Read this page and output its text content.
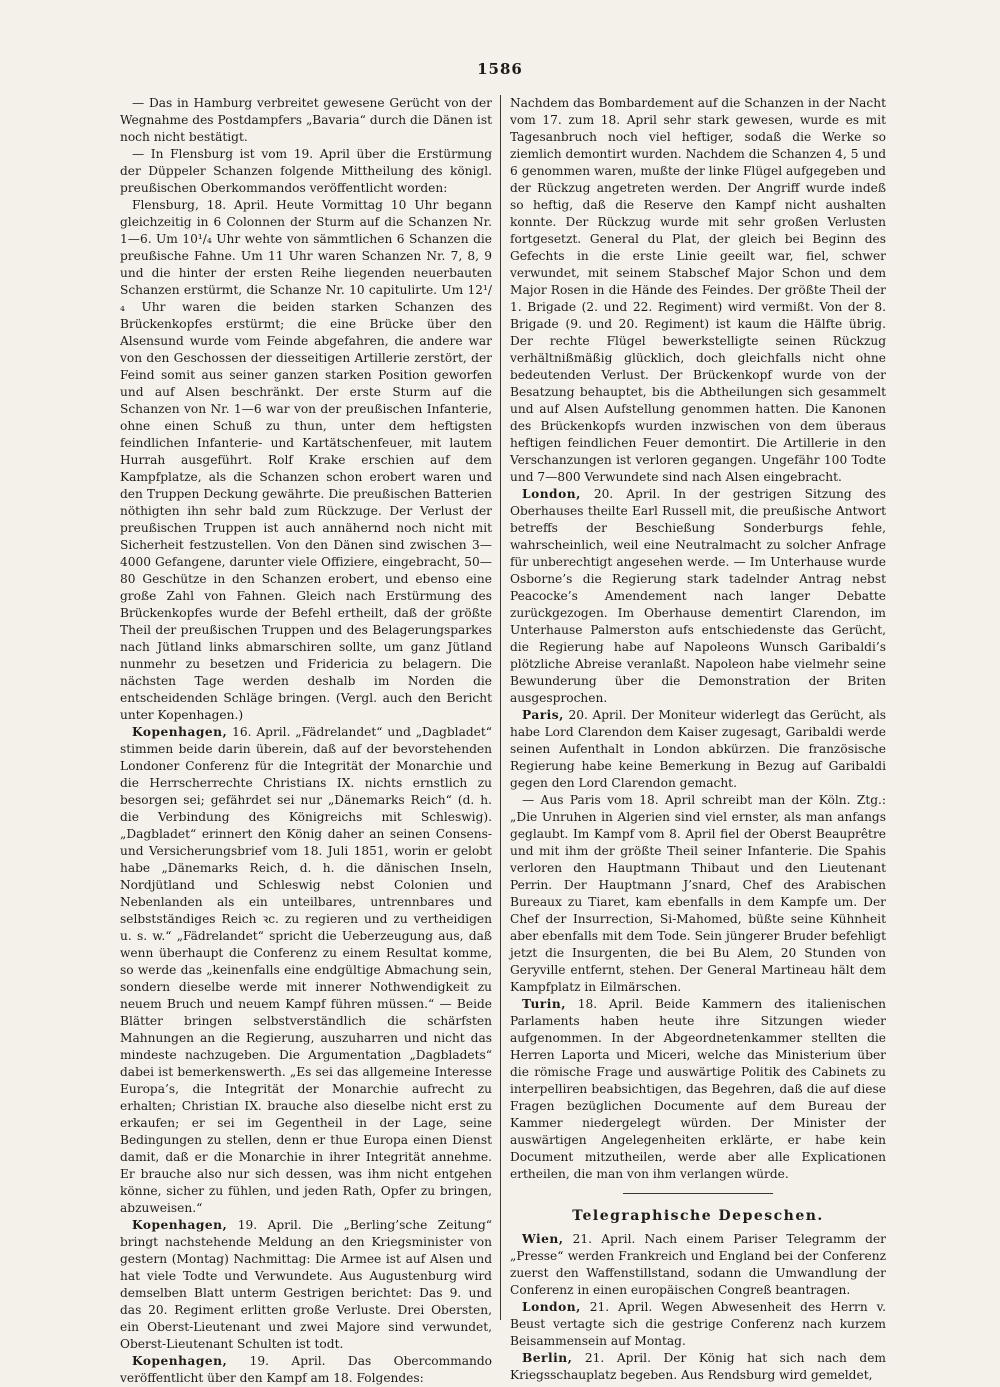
1586

— Das in Hamburg verbreitet gewesene Gerücht von der Wegnahme des Postdampfers „Bavaria“ durch die Dänen ist noch nicht bestätigt.

— In Flensburg ist vom 19. April über die Erstürmung der Düppeler Schanzen folgende Mittheilung des königl. preußischen Oberkommandos veröffentlicht worden:

Flensburg, 18. April. Heute Vormittag 10 Uhr begann gleichzeitig in 6 Colonnen der Sturm auf die Schanzen Nr. 1—6. Um 10¹/₄ Uhr wehte von sämmtlichen 6 Schanzen die preußische Fahne. Um 11 Uhr waren Schanzen Nr. 7, 8, 9 und die hinter der ersten Reihe liegenden neuerbauten Schanzen erstürmt, die Schanze Nr. 10 capitulirte. Um 12¹/₄ Uhr waren die beiden starken Schanzen des Brückenkopfes erstürmt; die eine Brücke über den Alsensund wurde vom Feinde abgefahren, die andere war von den Geschossen der diesseitigen Artillerie zerstört, der Feind somit aus seiner ganzen starken Position geworfen und auf Alsen beschränkt. Der erste Sturm auf die Schanzen von Nr. 1—6 war von der preußischen Infanterie, ohne einen Schuß zu thun, unter dem heftigsten feindlichen Infanterie- und Kartätschenfeuer, mit lautem Hurrah ausgeführt. Rolf Krake erschien auf dem Kampfplatze, als die Schanzen schon erobert waren und den Truppen Deckung gewährte. Die preußischen Batterien nöthigten ihn sehr bald zum Rückzuge. Der Verlust der preußischen Truppen ist auch annähernd noch nicht mit Sicherheit festzustellen. Von den Dänen sind zwischen 3—4000 Gefangene, darunter viele Offiziere, eingebracht, 50—80 Geschütze in den Schanzen erobert, und ebenso eine große Zahl von Fahnen. Gleich nach Erstürmung des Brückenkopfes wurde der Befehl ertheilt, daß der größte Theil der preußischen Truppen und des Belagerungsparkes nach Jütland links abmarschiren sollte, um ganz Jütland nunmehr zu besetzen und Fridericia zu belagern. Die nächsten Tage werden deshalb im Norden die entscheidenden Schläge bringen. (Vergl. auch den Bericht unter Kopenhagen.)

Kopenhagen, 16. April. „Fädrelandet“ und „Dagbladet“ stimmen beide darin überein, daß auf der bevorstehenden Londoner Conferenz für die Integrität der Monarchie und die Herrscherrechte Christians IX. nichts ernstlich zu besorgen sei; gefährdet sei nur „Dänemarks Reich“ (d. h. die Verbindung des Königreichs mit Schleswig). „Dagbladet“ erinnert den König daher an seinen Consens- und Versicherungsbrief vom 18. Juli 1851, worin er gelobt habe „Dänemarks Reich, d. h. die dänischen Inseln, Nordjütland und Schleswig nebst Colonien und Nebenlanden als ein unteilbares, untrennbares und selbstständiges Reich ꝛc. zu regieren und zu vertheidigen u. s. w.“ „Fädrelandet“ spricht die Ueberzeugung aus, daß wenn überhaupt die Conferenz zu einem Resultat komme, so werde das „keinenfalls eine endgültige Abmachung sein, sondern dieselbe werde mit innerer Nothwendigkeit zu neuem Bruch und neuem Kampf führen müssen.“ — Beide Blätter bringen selbstverständlich die schärfsten Mahnungen an die Regierung, auszuharren und nicht das mindeste nachzugeben. Die Argumentation „Dagbladets“ dabei ist bemerkenswerth. „Es sei das allgemeine Interesse Europa’s, die Integrität der Monarchie aufrecht zu erhalten; Christian IX. brauche also dieselbe nicht erst zu erkaufen; er sei im Gegentheil in der Lage, seine Bedingungen zu stellen, denn er thue Europa einen Dienst damit, daß er die Monarchie in ihrer Integrität annehme. Er brauche also nur sich dessen, was ihm nicht entgehen könne, sicher zu fühlen, und jeden Rath, Opfer zu bringen, abzuweisen.“

Kopenhagen, 19. April. Die „Berling’sche Zeitung“ bringt nachstehende Meldung an den Kriegsminister von gestern (Montag) Nachmittag: Die Armee ist auf Alsen und hat viele Todte und Verwundete. Aus Augustenburg wird demselben Blatt unterm Gestrigen berichtet: Das 9. und das 20. Regiment erlitten große Verluste. Drei Obersten, ein Oberst-Lieutenant und zwei Majore sind verwundet, Oberst-Lieutenant Schulten ist todt.

Kopenhagen, 19. April. Das Obercommando veröffentlicht über den Kampf am 18. Folgendes:

Nachdem das Bombardement auf die Schanzen in der Nacht vom 17. zum 18. April sehr stark gewesen, wurde es mit Tagesanbruch noch viel heftiger, sodaß die Werke so ziemlich demontirt wurden. Nachdem die Schanzen 4, 5 und 6 genommen waren, mußte der linke Flügel aufgegeben und der Rückzug angetreten werden. Der Angriff wurde indeß so heftig, daß die Reserve den Kampf nicht aushalten konnte. Der Rückzug wurde mit sehr großen Verlusten fortgesetzt. General du Plat, der gleich bei Beginn des Gefechts in die erste Linie geeilt war, fiel, schwer verwundet, mit seinem Stabschef Major Schon und dem Major Rosen in die Hände des Feindes. Der größte Theil der 1. Brigade (2. und 22. Regiment) wird vermißt. Von der 8. Brigade (9. und 20. Regiment) ist kaum die Hälfte übrig. Der rechte Flügel bewerkstelligte seinen Rückzug verhältnißmäßig glücklich, doch gleichfalls nicht ohne bedeutenden Verlust. Der Brückenkopf wurde von der Besatzung behauptet, bis die Abtheilungen sich gesammelt und auf Alsen Aufstellung genommen hatten. Die Kanonen des Brückenkopfs wurden inzwischen von dem überaus heftigen feindlichen Feuer demontirt. Die Artillerie in den Verschanzungen ist verloren gegangen. Ungefähr 100 Todte und 7—800 Verwundete sind nach Alsen eingebracht.

London, 20. April. In der gestrigen Sitzung des Oberhauses theilte Earl Russell mit, die preußische Antwort betreffs der Beschießung Sonderburgs fehle, wahrscheinlich, weil eine Neutralmacht zu solcher Anfrage für unberechtigt angesehen werde. — Im Unterhause wurde Osborne’s die Regierung stark tadelnder Antrag nebst Peacocke’s Amendement nach langer Debatte zurückgezogen. Im Oberhause dementirt Clarendon, im Unterhause Palmerston aufs entschiedenste das Gerücht, die Regierung habe auf Napoleons Wunsch Garibaldi’s plötzliche Abreise veranlaßt. Napoleon habe vielmehr seine Bewunderung über die Demonstration der Briten ausgesprochen.

Paris, 20. April. Der Moniteur widerlegt das Gerücht, als habe Lord Clarendon dem Kaiser zugesagt, Garibaldi werde seinen Aufenthalt in London abkürzen. Die französische Regierung habe keine Bemerkung in Bezug auf Garibaldi gegen den Lord Clarendon gemacht.

— Aus Paris vom 18. April schreibt man der Köln. Ztg.: „Die Unruhen in Algerien sind viel ernster, als man anfangs geglaubt. Im Kampf vom 8. April fiel der Oberst Beauprêtre und mit ihm der größte Theil seiner Infanterie. Die Spahis verloren den Hauptmann Thibaut und den Lieutenant Perrin. Der Hauptmann J’snard, Chef des Arabischen Bureaux zu Tiaret, kam ebenfalls in dem Kampfe um. Der Chef der Insurrection, Si-Mahomed, büßte seine Kühnheit aber ebenfalls mit dem Tode. Sein jüngerer Bruder befehligt jetzt die Insurgenten, die bei Bu Alem, 20 Stunden von Geryville entfernt, stehen. Der General Martineau hält dem Kampfplatz in Eilmärschen.

Turin, 18. April. Beide Kammern des italienischen Parlaments haben heute ihre Sitzungen wieder aufgenommen. In der Abgeordnetenkammer stellten die Herren Laporta und Miceri, welche das Ministerium über die römische Frage und auswärtige Politik des Cabinets zu interpelliren beabsichtigen, das Begehren, daß die auf diese Fragen bezüglichen Documente auf dem Bureau der Kammer niedergelegt würden. Der Minister der auswärtigen Angelegenheiten erklärte, er habe kein Document mitzutheilen, werde aber alle Explicationen ertheilen, die man von ihm verlangen würde.

Telegraphische Depeschen.

Wien, 21. April. Nach einem Pariser Telegramm der „Presse“ werden Frankreich und England bei der Conferenz zuerst den Waffenstillstand, sodann die Umwandlung der Conferenz in einen europäischen Congreß beantragen.

London, 21. April. Wegen Abwesenheit des Herrn v. Beust vertagte sich die gestrige Conferenz nach kurzem Beisammensein auf Montag.

Berlin, 21. April. Der König hat sich nach dem Kriegsschauplatz begeben. Aus Rendsburg wird gemeldet,
